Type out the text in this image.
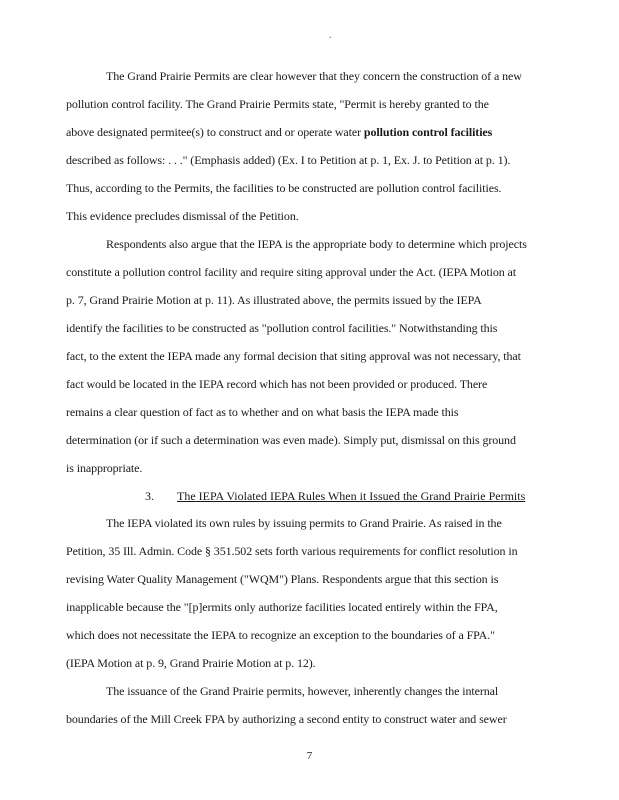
.
The Grand Prairie Permits are clear however that they concern the construction of a new
pollution control facility. The Grand Prairie Permits state, "Permit is hereby granted to the
above designated permitee(s) to construct and or operate water pollution control facilities
described as follows: . . ." (Emphasis added) (Ex. I to Petition at p. 1, Ex. J. to Petition at p. 1).
Thus, according to the Permits, the facilities to be constructed are pollution control facilities.
This evidence precludes dismissal of the Petition.
Respondents also argue that the IEPA is the appropriate body to determine which projects
constitute a pollution control facility and require siting approval under the Act. (IEPA Motion at
p. 7, Grand Prairie Motion at p. 11). As illustrated above, the permits issued by the IEPA
identify the facilities to be constructed as "pollution control facilities." Notwithstanding this
fact, to the extent the IEPA made any formal decision that siting approval was not necessary, that
fact would be located in the IEPA record which has not been provided or produced. There
remains a clear question of fact as to whether and on what basis the IEPA made this
determination (or if such a determination was even made). Simply put, dismissal on this ground
is inappropriate.
3. The IEPA Violated IEPA Rules When it Issued the Grand Prairie Permits
The IEPA violated its own rules by issuing permits to Grand Prairie. As raised in the
Petition, 35 Ill. Admin. Code § 351.502 sets forth various requirements for conflict resolution in
revising Water Quality Management ("WQM") Plans. Respondents argue that this section is
inapplicable because the "[p]ermits only authorize facilities located entirely within the FPA,
which does not necessitate the IEPA to recognize an exception to the boundaries of a FPA."
(IEPA Motion at p. 9, Grand Prairie Motion at p. 12).
The issuance of the Grand Prairie permits, however, inherently changes the internal
boundaries of the Mill Creek FPA by authorizing a second entity to construct water and sewer
7
